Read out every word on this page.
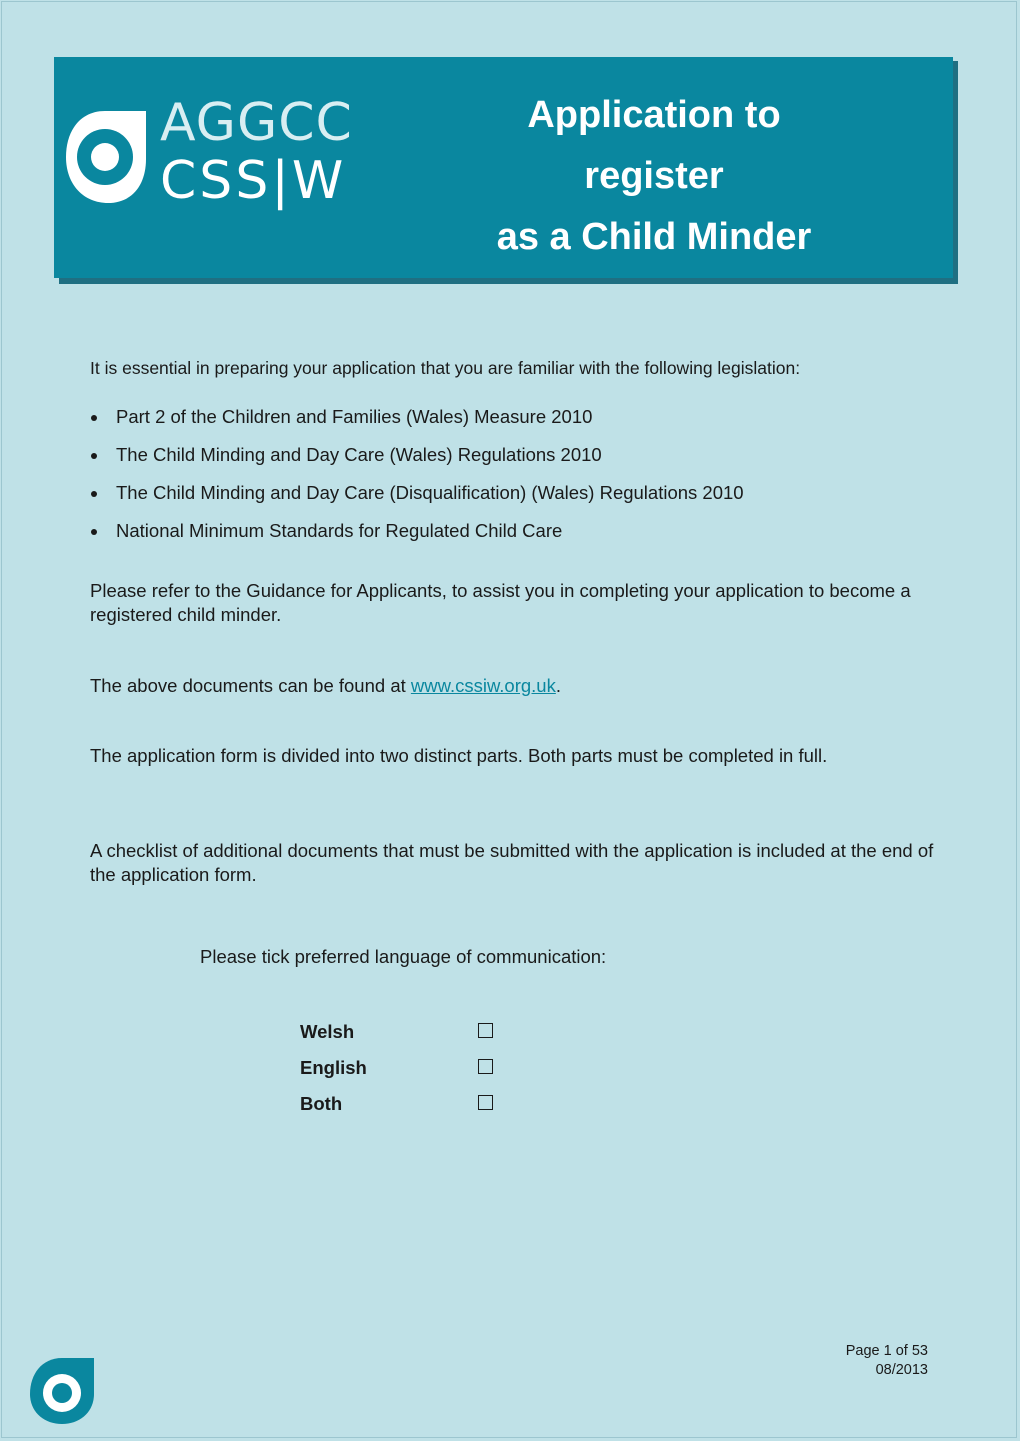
AGGCC
CSS|W
Application to
register
as a Child Minder
It is essential in preparing your application that you are familiar with the following legislation:
Part 2 of the Children and Families (Wales) Measure 2010
The Child Minding and Day Care (Wales) Regulations 2010
The Child Minding and Day Care (Disqualification) (Wales) Regulations 2010
National Minimum Standards for Regulated Child Care
Please refer to the Guidance for Applicants, to assist you in completing your application to become a registered child minder.
The above documents can be found at www.cssiw.org.uk.
The application form is divided into two distinct parts. Both parts must be completed in full.
A checklist of additional documents that must be submitted with the application is included at the end of the application form.
Please tick preferred language of communication:
Welsh
English
Both
Page 1 of 53
08/2013
